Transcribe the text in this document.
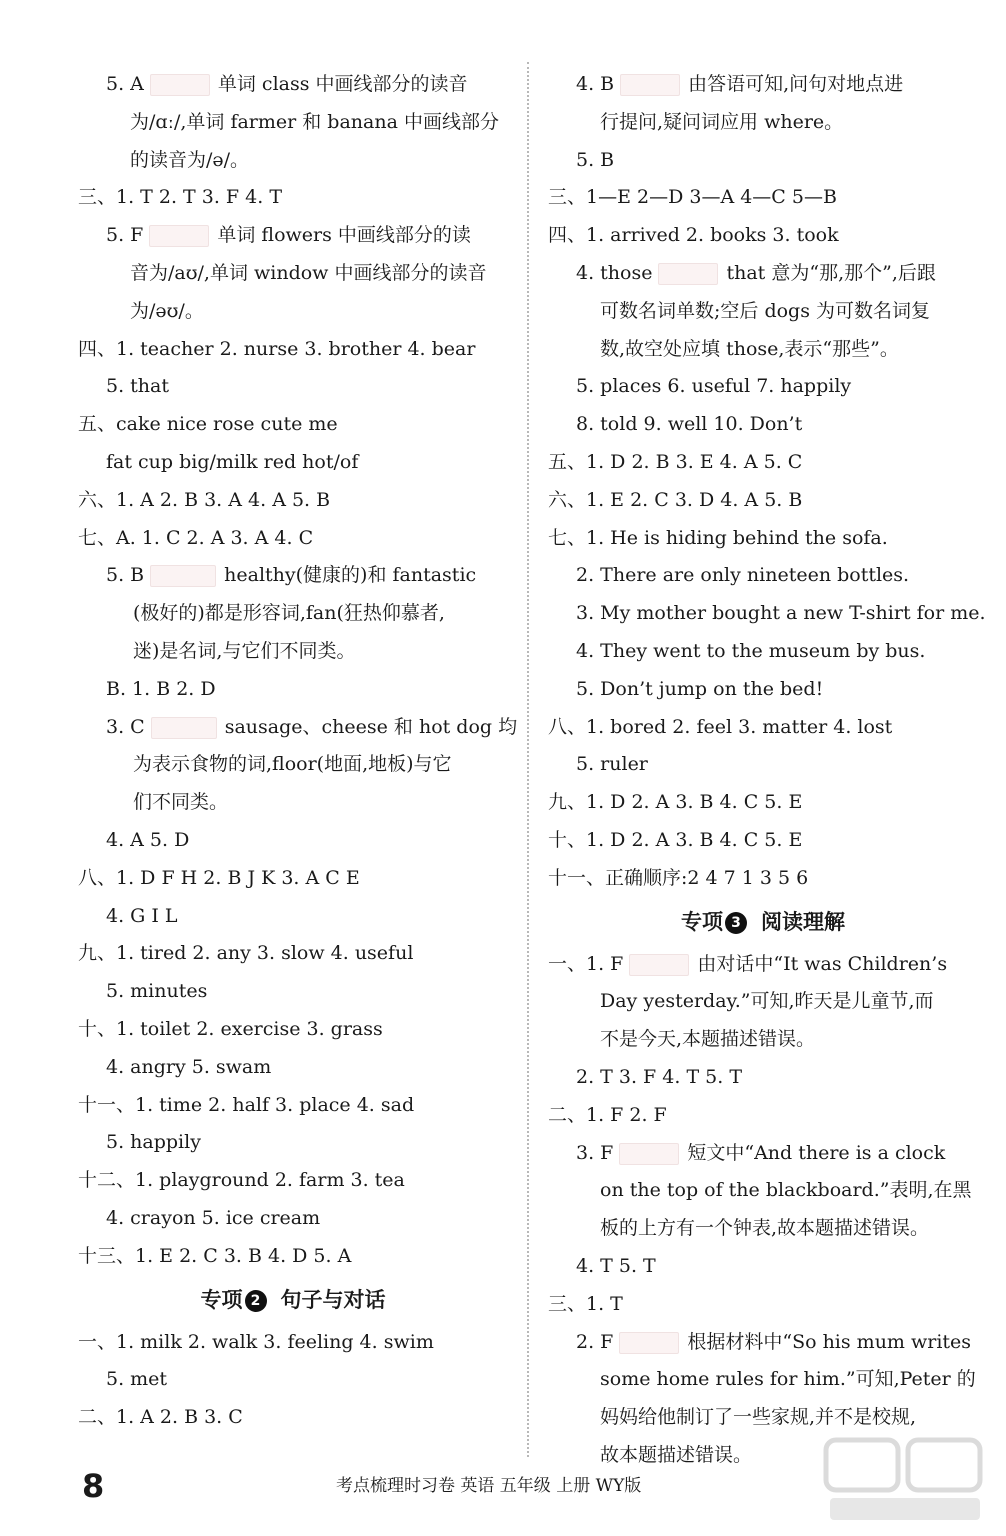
5. A	单词 class 中画线部分的读音
为/ɑː/,单词 farmer 和 banana 中画线部分
的读音为/ə/。
三、1. T 2. T 3. F 4. T
5. F	单词 flowers 中画线部分的读
音为/aʊ/,单词 window 中画线部分的读音
为/əʊ/。
四、1. teacher 2. nurse 3. brother 4. bear
5. that
五、cake nice rose cute me
fat cup big/milk red hot/of
六、1. A 2. B 3. A 4. A 5. B
七、A. 1. C 2. A 3. A 4. C
5. B	healthy(健康的)和 fantastic
(极好的)都是形容词,fan(狂热仰慕者,
迷)是名词,与它们不同类。
B. 1. B 2. D
3. C	sausage、cheese 和 hot dog 均
为表示食物的词,floor(地面,地板)与它
们不同类。
4. A 5. D
八、1. D F H 2. B J K 3. A C E
4. G I L
九、1. tired 2. any 3. slow 4. useful
5. minutes
十、1. toilet 2. exercise 3. grass
4. angry 5. swam
十一、1. time 2. half 3. place 4. sad
5. happily
十二、1. playground 2. farm 3. tea
4. crayon 5. ice cream
十三、1. E 2. C 3. B 4. D 5. A
专项 2 句子与对话
一、1. milk 2. walk 3. feeling 4. swim
5. met
二、1. A 2. B 3. C
4. B	由答语可知,问句对地点进
行提问,疑问词应用 where。
5. B
三、1—E 2—D 3—A 4—C 5—B
四、1. arrived 2. books 3. took
4. those	that 意为“那,那个”,后跟
可数名词单数;空后 dogs 为可数名词复
数,故空处应填 those,表示“那些”。
5. places 6. useful 7. happily
8. told 9. well 10. Don’t
五、1. D 2. B 3. E 4. A 5. C
六、1. E 2. C 3. D 4. A 5. B
七、1. He is hiding behind the sofa.
2. There are only nineteen bottles.
3. My mother bought a new T-shirt for me.
4. They went to the museum by bus.
5. Don’t jump on the bed!
八、1. bored 2. feel 3. matter 4. lost
5. ruler
九、1. D 2. A 3. B 4. C 5. E
十、1. D 2. A 3. B 4. C 5. E
十一、正确顺序:2 4 7 1 3 5 6
专项 3 阅读理解
一、1. F	由对话中“It was Children’s
Day yesterday.”可知,昨天是儿童节,而
不是今天,本题描述错误。
2. T 3. F 4. T 5. T
二、1. F 2. F
3. F	短文中“And there is a clock
on the top of the blackboard.”表明,在黑
板的上方有一个钟表,故本题描述错误。
4. T 5. T
三、1. T
2. F	根据材料中“So his mum writes
some home rules for him.”可知,Peter 的
妈妈给他制订了一些家规,并不是校规,
故本题描述错误。
8	考点梳理时习卷 英语 五年级 上册 WY版
